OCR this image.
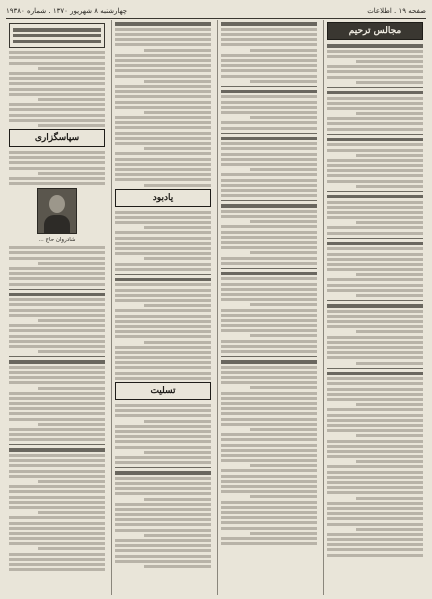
صفحه ۱۹ . اطلاعات
چهارشنبه ۸ شهریور ۱۳۷۰ . شماره ۱۹۳۸۰
مجالس ترحیم
یادبود
تسلیت
سپاسگزاری
شادروان حاج ...
